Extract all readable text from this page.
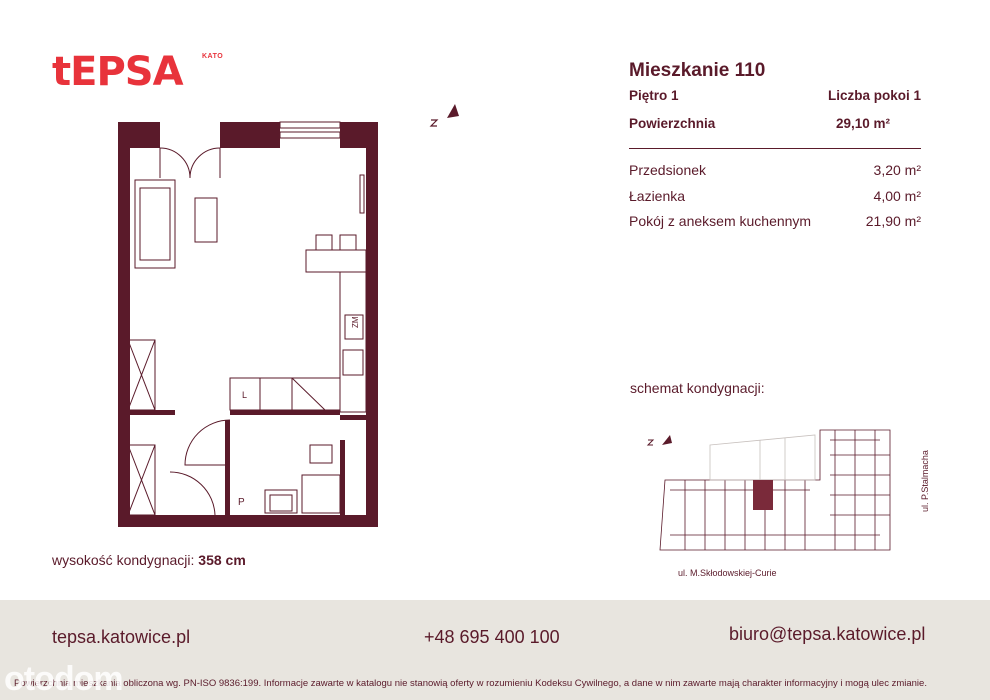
tEPSA	KATO
ZM
L
P
wysokość kondygnacji: 358 cm
Mieszkanie 110
Piętro 1	Liczba pokoi 1
Powierzchnia	29,10 m²
Przedsionek	3,20 m²
Łazienka	4,00 m²
Pokój z aneksem kuchennym	21,90 m²
schemat kondygnacji:
ul. M.Skłodowskiej-Curie
ul. P.Stalmacha
tepsa.katowice.pl	+48 695 400 100	biuro@tepsa.katowice.pl
Powierzchnia mieszkania obliczona wg. PN-ISO 9836:199. Informacje zawarte w katalogu nie stanowią oferty w rozumieniu Kodeksu Cywilnego, a dane w nim zawarte mają charakter informacyjny i mogą ulec zmianie.
otodom
